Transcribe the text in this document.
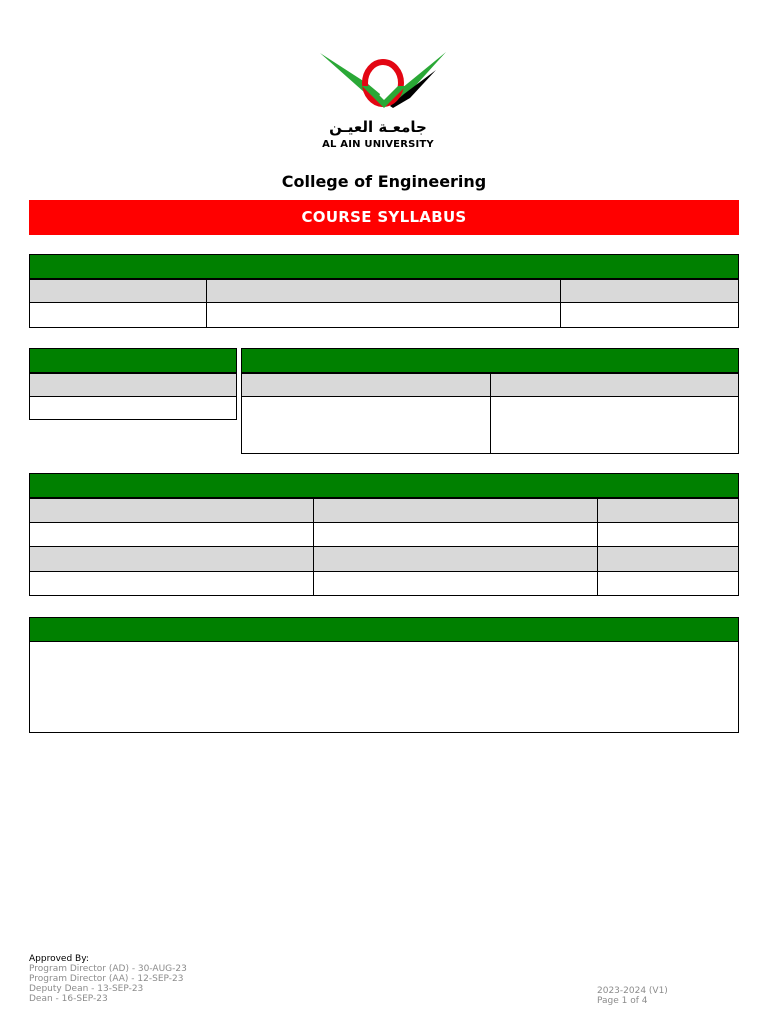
جامعـة العيـن
AL AIN UNIVERSITY
College of Engineering
COURSE SYLLABUS
Approved By:
Program Director (AD) - 30-AUG-23
Program Director (AA) - 12-SEP-23
Deputy Dean - 13-SEP-23
Dean - 16-SEP-23
2023-2024 (V1)
Page 1 of 4
